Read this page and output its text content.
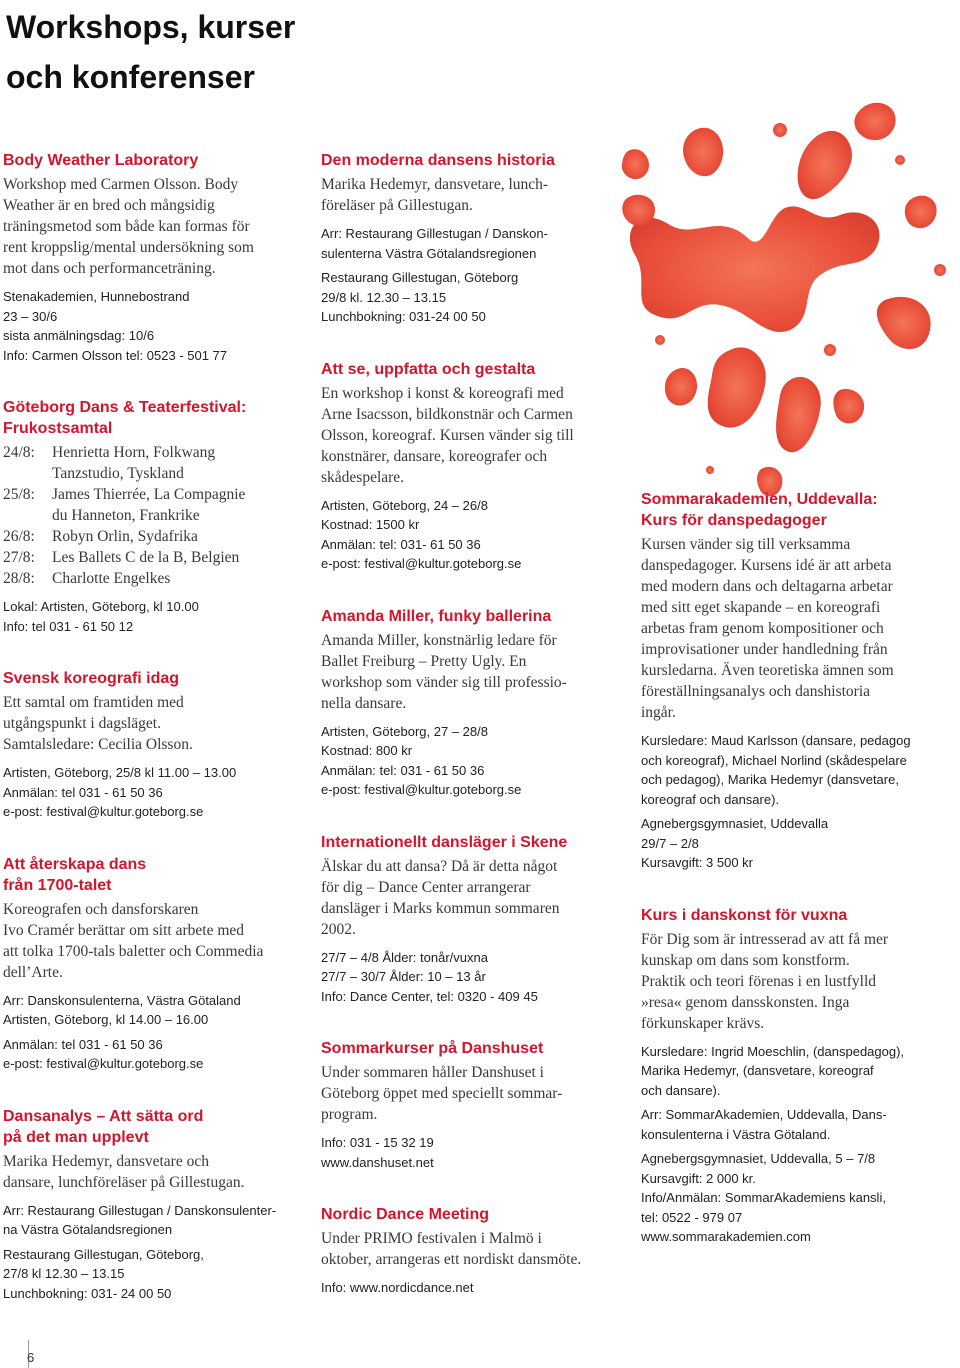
Workshops, kurser
och konferenser
Body Weather Laboratory
Workshop med Carmen Olsson. Body
Weather är en bred och mångsidig
träningsmetod som både kan formas för
rent kroppslig/mental undersökning som
mot dans och performanceträning.

Stenakademien, Hunnebostrand
23 – 30/6
sista anmälningsdag: 10/6
Info: Carmen Olsson tel: 0523 - 501 77

Göteborg Dans & Teaterfestival:
Frukostsamtal
24/8:	Henrietta Horn, Folkwang
Tanzstudio, Tyskland
25/8:	James Thierrée, La Compagnie
du Hanneton, Frankrike
26/8:	Robyn Orlin, Sydafrika
27/8:	Les Ballets C de la B, Belgien
28/8:	Charlotte Engelkes

Lokal: Artisten, Göteborg, kl 10.00
Info: tel 031 - 61 50 12

Svensk koreografi idag
Ett samtal om framtiden med
utgångspunkt i dagsläget.
Samtalsledare: Cecilia Olsson.

Artisten, Göteborg, 25/8 kl 11.00 – 13.00
Anmälan: tel 031 - 61 50 36
e-post: festival@kultur.goteborg.se

Att återskapa dans
från 1700-talet
Koreografen och dansforskaren
Ivo Cramér berättar om sitt arbete med
att tolka 1700-tals baletter och Commedia
dell’Arte.

Arr: Danskonsulenterna, Västra Götaland
Artisten, Göteborg, kl 14.00 – 16.00

Anmälan: tel 031 - 61 50 36
e-post: festival@kultur.goteborg.se

Dansanalys – Att sätta ord
på det man upplevt
Marika Hedemyr, dansvetare och
dansare, lunchföreläser på Gillestugan.

Arr: Restaurang Gillestugan / Danskonsulenter-
na Västra Götalandsregionen

Restaurang Gillestugan, Göteborg,
27/8 kl 12.30 – 13.15
Lunchbokning: 031- 24 00 50

Den moderna dansens historia
Marika Hedemyr, dansvetare, lunch-
föreläser på Gillestugan.

Arr: Restaurang Gillestugan / Danskon-
sulenterna Västra Götalandsregionen

Restaurang Gillestugan, Göteborg
29/8 kl. 12.30 – 13.15
Lunchbokning: 031-24 00 50

Att se, uppfatta och gestalta
En workshop i konst & koreografi med
Arne Isacsson, bildkonstnär och Carmen
Olsson, koreograf. Kursen vänder sig till
konstnärer, dansare, koreografer och
skådespelare.

Artisten, Göteborg, 24 – 26/8
Kostnad: 1500 kr
Anmälan: tel: 031- 61 50 36
e-post: festival@kultur.goteborg.se

Amanda Miller, funky ballerina
Amanda Miller, konstnärlig ledare för
Ballet Freiburg – Pretty Ugly. En
workshop som vänder sig till professio-
nella dansare.

Artisten, Göteborg, 27 – 28/8
Kostnad: 800 kr
Anmälan: tel: 031 - 61 50 36
e-post: festival@kultur.goteborg.se

Internationellt dansläger i Skene
Älskar du att dansa? Då är detta något
för dig – Dance Center arrangerar
dansläger i Marks kommun sommaren
2002.

27/7 – 4/8 Ålder: tonår/vuxna
27/7 – 30/7 Ålder: 10 – 13 år
Info: Dance Center, tel: 0320 - 409 45

Sommarkurser på Danshuset
Under sommaren håller Danshuset i
Göteborg öppet med speciellt sommar-
program.

Info: 031 - 15 32 19
www.danshuset.net

Nordic Dance Meeting
Under PRIMO festivalen i Malmö i
oktober, arrangeras ett nordiskt dansmöte.

Info: www.nordicdance.net

Sommarakademien, Uddevalla:
Kurs för danspedagoger
Kursen vänder sig till verksamma
danspedagoger. Kursens idé är att arbeta
med modern dans och deltagarna arbetar
med sitt eget skapande – en koreografi
arbetas fram genom kompositioner och
improvisationer under handledning från
kursledarna. Även teoretiska ämnen som
föreställningsanalys och danshistoria
ingår.

Kursledare: Maud Karlsson (dansare, pedagog
och koreograf), Michael Norlind (skådespelare
och pedagog), Marika Hedemyr (dansvetare,
koreograf och dansare).

Agnebergsgymnasiet, Uddevalla
29/7 – 2/8
Kursavgift: 3 500 kr

Kurs i danskonst för vuxna
För Dig som är intresserad av att få mer
kunskap om dans som konstform.
Praktik och teori förenas i en lustfylld
»resa« genom dansskonsten. Inga
förkunskaper krävs.

Kursledare: Ingrid Moeschlin, (danspedagog),
Marika Hedemyr, (dansvetare, koreograf
och dansare).

Arr: SommarAkademien, Uddevalla, Dans-
konsulenterna i Västra Götaland.

Agnebergsgymnasiet, Uddevalla, 5 – 7/8
Kursavgift: 2 000 kr.
Info/Anmälan: SommarAkademiens kansli,
tel: 0522 - 979 07
www.sommarakademien.com

6
